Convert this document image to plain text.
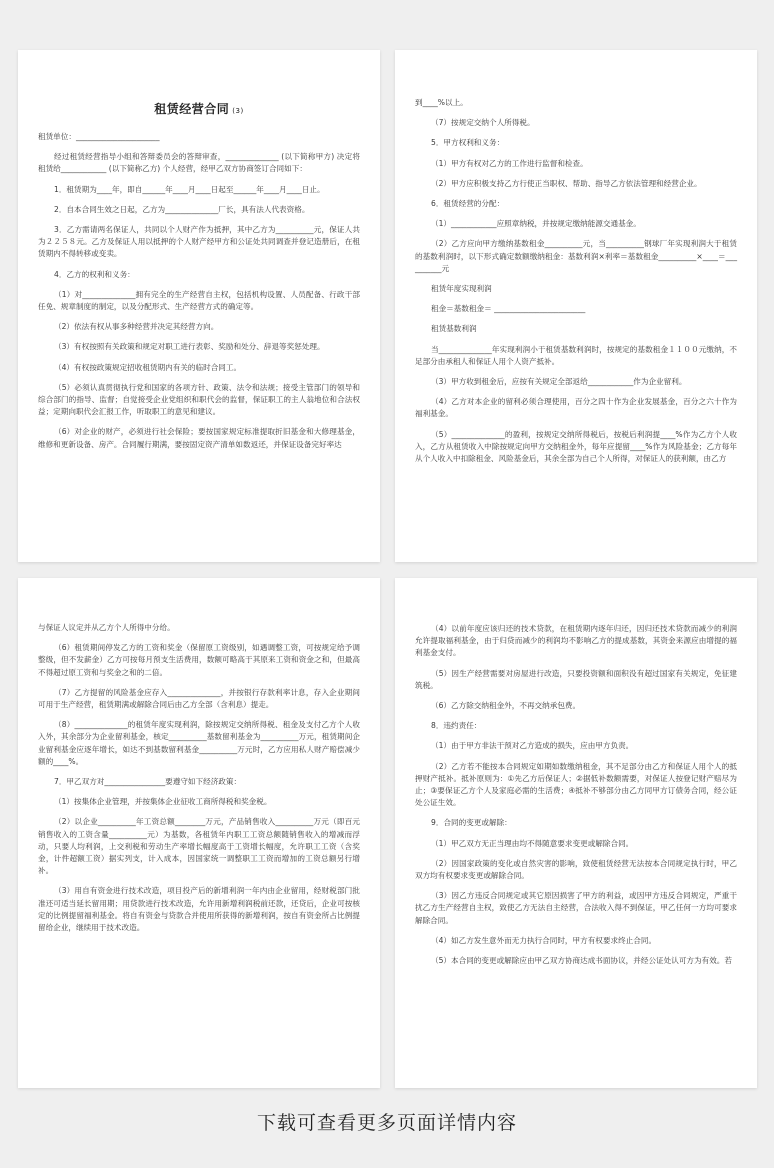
租赁经营合同 (3)

租赁单位：______________________

经过租赁经营指导小组和答辩委员会的答辩审查，______________ (以下简称甲方) 决定将租赁给____________ (以下简称乙方) 个人经营，经甲乙双方协商签订合同如下：

1．租赁期为____年，即自______年____月____日起至______年____月____日止。

2．自本合同生效之日起，乙方为______________厂长，具有法人代表资格。

3．乙方需请两名保证人，共同以个人财产作为抵押，其中乙方为__________元，保证人共为２２５８元。乙方及保证人用以抵押的个人财产经甲方和公证处共同调查并登记造册后，在租赁期内不得转移或变卖。

4．乙方的权利和义务：

（1）对______________拥有完全的生产经营自主权，包括机构设置、人员配备、行政干部任免、规章制度的制定，以及分配形式、生产经营方式的确定等。

（2）依法有权从事多种经营并决定其经营方向。

（3）有权按照有关政策和规定对职工进行表彰、奖励和处分、辞退等奖惩处理。

（4）有权按政策规定招收租赁期内有关的临时合同工。

（5）必须认真贯彻执行党和国家的各项方针、政策、法令和法规；接受主管部门的领导和综合部门的指导、监督；自觉接受企业党组织和职代会的监督，保证职工的主人翁地位和合法权益；定期向职代会汇报工作，听取职工的意见和建议。

（6）对企业的财产，必须进行社会保险；要按国家规定标准提取折旧基金和大修理基金，维修和更新设备、房产。合同履行期满，要按固定资产清单如数返还，并保证设备完好率达

到____%以上。

（7）按规定交纳个人所得税。

5．甲方权利和义务：

（1）甲方有权对乙方的工作进行监督和检查。

（2）甲方应积极支持乙方行使正当职权、帮助、指导乙方依法管理和经营企业。

6．租赁经营的分配：

（1）____________应照章纳税，并按规定缴纳能源交通基金。

（2）乙方应向甲方缴纳基数租金__________元，当__________钢球厂年实现利润大于租赁的基数利润时，以下形式确定数额缴纳租金：基数利润×利率＝基数租金__________×____＝__________元

租赁年度实现利润

租金＝基数租金＝ ________________________

租赁基数利润

当______________年实现利润小于租赁基数利润时，按规定的基数租金１１００元缴纳，不足部分由承租人和保证人用个人资产抵补。

（3）甲方收到租金后，应按有关规定全部返给____________作为企业留利。

（4）乙方对本企业的留利必须合理使用，百分之四十作为企业发展基金，百分之六十作为福利基金。

（5）______________的盈利，按规定交纳所得税后，按税后利润提____%作为乙方个人收入，乙方从租赁收入中除按规定向甲方交纳租金外，每年应提留____%作为风险基金；乙方每年从个人收入中扣除租金、风险基金后，其余全部为自己个人所得，对保证人的获利额，由乙方

与保证人议定并从乙方个人所得中分给。

（6）租赁期间停发乙方的工资和奖金（保留原工资级别，如遇调整工资，可按规定给予调整级，但不发薪金）乙方可按每月预支生活费用，数额可略高于其原来工资和资金之和，但最高不得超过原工资和与奖金之和的二倍。

（7）乙方提留的风险基金应存入______________，并按银行存款利率计息，存入企业期间可用于生产经营，租赁期满或解除合同后由乙方全部（含利息）提走。

（8）______________的租赁年度实现利润，除按规定交纳所得税、租金及支付乙方个人收入外，其余部分为企业留利基金，核定__________基数留利基金为__________万元，租赁期间企业留利基金应逐年增长，如达不到基数留利基金__________万元时，乙方应用私人财产赔偿减少额的____%。

7．甲乙双方对________________要遵守如下经济政策：

（1）按集体企业管理，并按集体企业征收工商所得税和奖金税。

（2）以企业__________年工资总额________万元，产品销售收入__________万元（即百元销售收入的工资含量__________元）为基数，各租赁年内职工工资总额随销售收入的增减而浮动，只要人均利润，上交利税和劳动生产率增长幅度高于工资增长幅度，允许职工工资（含奖金，计件超额工资）据实列支，计入成本，因国家统一调整职工工资而增加的工资总额另行增补。

（3）用自有资金进行技术改造，项目投产后的新增利润一年内由企业留用，经财税部门批准还可适当延长留用期；用贷款进行技术改造，允许用新增利润税前还款，还贷后，企业可按核定的比例提留福利基金。将自有资金与贷款合并使用所获得的新增利润，按自有资金所占比例提留给企业，继续用于技术改造。

（4）以前年度应该归还的技术贷款，在租赁期内逐年归还，因归还技术贷款而减少的利润允许提取福利基金，由于归贷而减少的利润均不影响乙方的提成基数，其资金来源应由增提的福利基金支付。

（5）因生产经营需要对房屋进行改造，只要投资额和面积没有超过国家有关规定，免征建筑税。

（6）乙方除交纳租金外，不再交纳承包费。

8．违约责任：

（1）由于甲方非法干预对乙方造成的损失，应由甲方负责。

（2）乙方若不能按本合同规定如期如数缴纳租金，其不足部分由乙方和保证人用个人的抵押财产抵补。抵补原则为：①先乙方后保证人；②据低补数额需要，对保证人按登记财产赔尽为止；③要保证乙方个人及家庭必需的生活费；④抵补不够部分由乙方同甲方订债务合同，经公证处公证生效。

9．合同的变更或解除：

（1）甲乙双方无正当理由均不得随意要求变更或解除合同。

（2）因国家政策的变化或自然灾害的影响，致使租赁经营无法按本合同规定执行时，甲乙双方均有权要求变更或解除合同。

（3）因乙方违反合同规定或其它原因损害了甲方的利益，或因甲方违反合同规定，严重干扰乙方生产经营自主权，致使乙方无法自主经营，合法收入得不到保证，甲乙任何一方均可要求解除合同。

（4）如乙方发生意外而无力执行合同时，甲方有权要求终止合同。

（5）本合同的变更或解除应由甲乙双方协商达成书面协议，并经公证处认可方为有效。若

下载可查看更多页面详情内容
